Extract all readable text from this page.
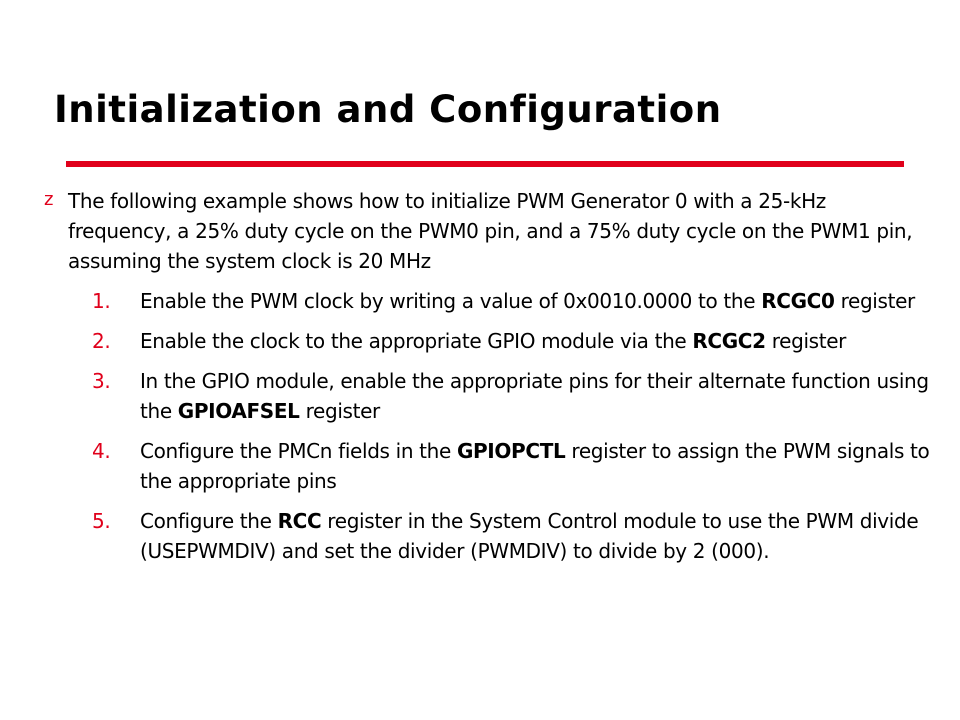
Initialization and Configuration
z The following example shows how to initialize PWM Generator 0 with a 25-kHz frequency, a 25% duty cycle on the PWM0 pin, and a 75% duty cycle on the PWM1 pin, assuming the system clock is 20 MHz

1. Enable the PWM clock by writing a value of 0x0010.0000 to the RCGC0 register
2. Enable the clock to the appropriate GPIO module via the RCGC2 register
3. In the GPIO module, enable the appropriate pins for their alternate function using the GPIOAFSEL register
4. Configure the PMCn fields in the GPIOPCTL register to assign the PWM signals to the appropriate pins
5. Configure the RCC register in the System Control module to use the PWM divide (USEPWMDIV) and set the divider (PWMDIV) to divide by 2 (000).
